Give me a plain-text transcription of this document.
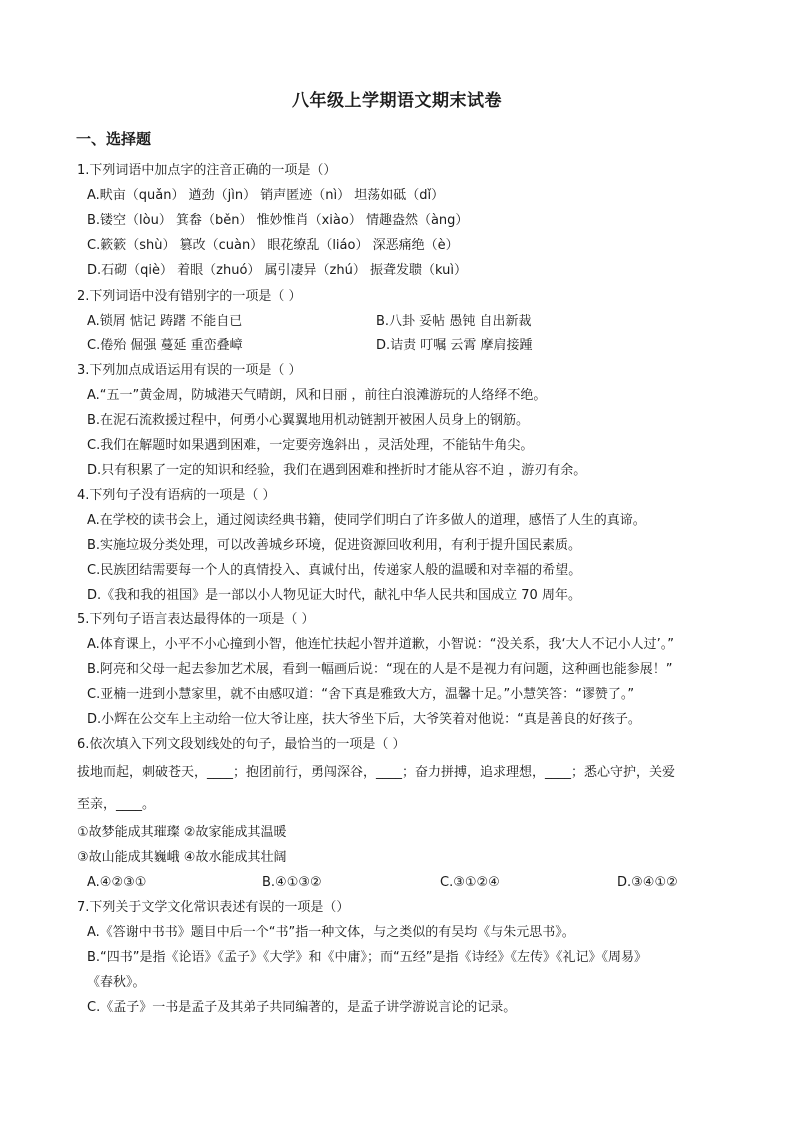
八年级上学期语文期末试卷
一、选择题
1.下列词语中加点字的注音正确的一项是（）
A.畎亩（quǎn） 遒劲（jìn） 销声匿迹（nì） 坦荡如砥（dǐ）
B.镂空（lòu） 箕畚（běn） 惟妙惟肖（xiào） 情趣盎然（àng）
C.簌簌（shù） 篡改（cuàn） 眼花缭乱（liáo） 深恶痛绝（è）
D.石砌（qiè） 着眼（zhuó） 属引凄异（zhú） 振聋发聩（kuì）
2.下列词语中没有错别字的一项是（ ）
A.锁屑 惦记 踌躇 不能自已	B.八卦 妥帖 愚钝 自出新裁
C.倦殆 倔强 蔓延 重峦叠嶂	D.诘责 叮嘱 云霄 摩肩接踵
3.下列加点成语运用有误的一项是（ ）
A.“五一”黄金周，防城港天气晴朗，风和日丽 ，前往白浪滩游玩的人络绎不绝。
B.在泥石流救援过程中，何勇小心翼翼地用机动链割开被困人员身上的钢筋。
C.我们在解题时如果遇到困难，一定要旁逸斜出 ，灵活处理，不能钻牛角尖。
D.只有积累了一定的知识和经验，我们在遇到困难和挫折时才能从容不迫 ，游刃有余。
4.下列句子没有语病的一项是（ ）
A.在学校的读书会上，通过阅读经典书籍，使同学们明白了许多做人的道理，感悟了人生的真谛。
B.实施垃圾分类处理，可以改善城乡环境，促进资源回收利用，有利于提升国民素质。
C.民族团结需要每一个人的真情投入、真诚付出，传递家人般的温暖和对幸福的希望。
D.《我和我的祖国》是一部以小人物见证大时代，献礼中华人民共和国成立 70 周年。
5.下列句子语言表达最得体的一项是（ ）
A.体育课上，小平不小心撞到小智，他连忙扶起小智并道歉，小智说：“没关系，我‘大人不记小人过’。”
B.阿亮和父母一起去参加艺术展，看到一幅画后说：“现在的人是不是视力有问题，这种画也能参展！”
C.亚楠一进到小慧家里，就不由感叹道：“舍下真是雅致大方，温馨十足。”小慧笑答：“谬赞了。”
D.小辉在公交车上主动给一位大爷让座，扶大爷坐下后，大爷笑着对他说：“真是善良的好孩子。
6.依次填入下列文段划线处的句子，最恰当的一项是（ ）
拔地而起，刺破苍天，____；抱团前行，勇闯深谷，____；奋力拼搏，追求理想，____；悉心守护，关爱
至亲，____。
①故梦能成其璀璨 ②故家能成其温暖
③故山能成其巍峨 ④故水能成其壮阔
A.④②③①	B.④①③②	C.③①②④	D.③④①②
7.下列关于文学文化常识表述有误的一项是（）
A.《答谢中书书》题目中后一个“书”指一种文体，与之类似的有吴均《与朱元思书》。
B.“四书”是指《论语》《孟子》《大学》和《中庸》；而“五经”是指《诗经》《左传》《礼记》《周易》
《春秋》。
C.《孟子》一书是孟子及其弟子共同编著的，是孟子讲学游说言论的记录。
